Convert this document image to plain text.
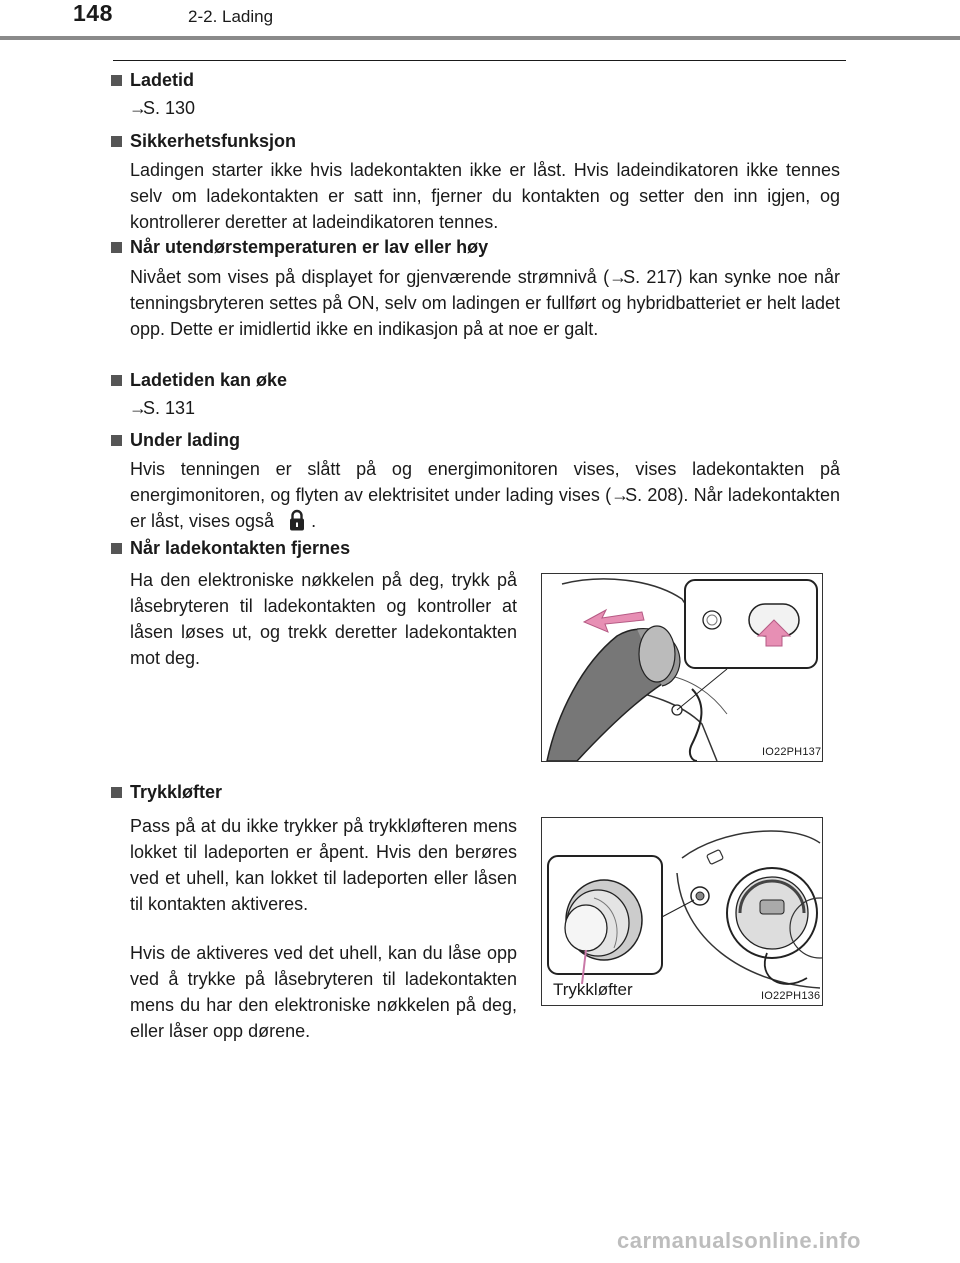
148	2-2. Lading
Ladetid
→
S. 130
Sikkerhetsfunksjon
Ladingen starter ikke hvis ladekontakten ikke er låst. Hvis ladeindikatoren ikke tennes selv om ladekontakten er satt inn, fjerner du kontakten og setter den inn igjen, og kontrollerer deretter at ladeindikatoren tennes.
Når utendørstemperaturen er lav eller høy
Nivået som vises på displayet for gjenværende strømnivå (→S. 217) kan synke noe når tenningsbryteren settes på ON, selv om ladingen er fullført og hybridbatteriet er helt ladet opp. Dette er imidlertid ikke en indikasjon på at noe er galt.
Ladetiden kan øke
→
S. 131
Under lading
Hvis tenningen er slått på og energimonitoren vises, vises ladekontakten på energimonitoren, og flyten av elektrisitet under lading vises (→S. 208). Når ladekontakten er låst, vises også .
Når ladekontakten fjernes
Ha den elektroniske nøkkelen på deg, trykk på låsebryteren til ladekontakten og kontroller at låsen løses ut, og trekk deretter ladekontakten mot deg.
IO22PH137
Trykkløfter
Pass på at du ikke trykker på trykkløfteren mens lokket til ladeporten er åpent. Hvis den berøres ved et uhell, kan lokket til ladeporten eller låsen til kontakten aktiveres.
Hvis de aktiveres ved det uhell, kan du låse opp ved å trykke på låsebryteren til ladekontakten mens du har den elektroniske nøkkelen på deg, eller låser opp dørene.
Trykkløfter	IO22PH136
carmanualsonline.info
